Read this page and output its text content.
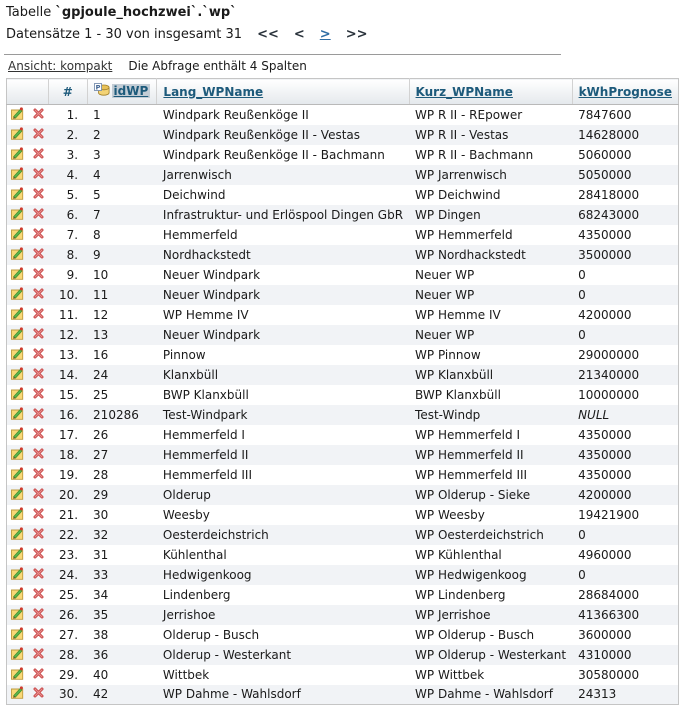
Tabelle `gpjoule_hochzwei`.`wp`
Datensätze 1 - 30 von insgesamt 31 << < > >>
Ansicht: kompakt Die Abfrage enthält 4 Spalten
		#	P idWP	Lang_WPName	Kurz_WPName	kWhPrognose
		1.	1	Windpark Reußenköge II	WP R II - REpower	7847600
		2.	2	Windpark Reußenköge II - Vestas	WP R II - Vestas	14628000
		3.	3	Windpark Reußenköge II - Bachmann	WP R II - Bachmann	5060000
		4.	4	Jarrenwisch	WP Jarrenwisch	5050000
		5.	5	Deichwind	WP Deichwind	28418000
		6.	7	Infrastruktur- und Erlöspool Dingen GbR	WP Dingen	68243000
		7.	8	Hemmerfeld	WP Hemmerfeld	4350000
		8.	9	Nordhackstedt	WP Nordhackstedt	3500000
		9.	10	Neuer Windpark	Neuer WP	0
		10.	11	Neuer Windpark	Neuer WP	0
		11.	12	WP Hemme IV	WP Hemme IV	4200000
		12.	13	Neuer Windpark	Neuer WP	0
		13.	16	Pinnow	WP Pinnow	29000000
		14.	24	Klanxbüll	WP Klanxbüll	21340000
		15.	25	BWP Klanxbüll	BWP Klanxbüll	10000000
		16.	210286	Test-Windpark	Test-Windp	NULL
		17.	26	Hemmerfeld I	WP Hemmerfeld I	4350000
		18.	27	Hemmerfeld II	WP Hemmerfeld II	4350000
		19.	28	Hemmerfeld III	WP Hemmerfeld III	4350000
		20.	29	Olderup	WP Olderup - Sieke	4200000
		21.	30	Weesby	WP Weesby	19421900
		22.	32	Oesterdeichstrich	WP Oesterdeichstrich	0
		23.	31	Kühlenthal	WP Kühlenthal	4960000
		24.	33	Hedwigenkoog	WP Hedwigenkoog	0
		25.	34	Lindenberg	WP Lindenberg	28684000
		26.	35	Jerrishoe	WP Jerrishoe	41366300
		27.	38	Olderup - Busch	WP Olderup - Busch	3600000
		28.	36	Olderup - Westerkant	WP Olderup - Westerkant	4310000
		29.	40	Wittbek	WP Wittbek	30580000
		30.	42	WP Dahme - Wahlsdorf	WP Dahme - Wahlsdorf	24313
